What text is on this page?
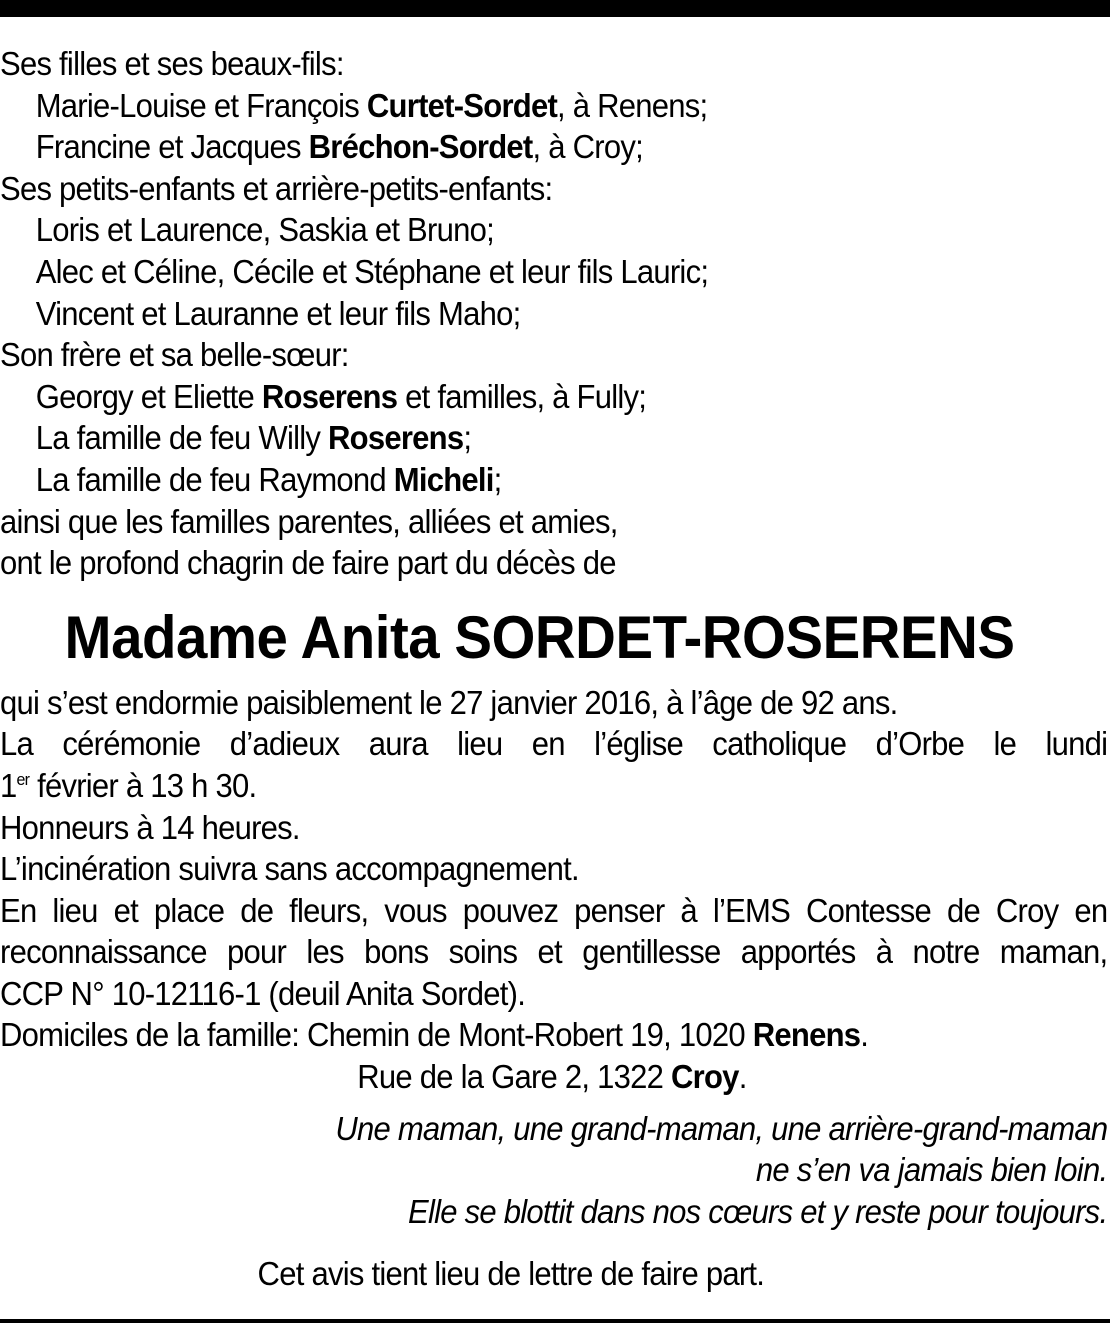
Ses filles et ses beaux-fils:
Marie-Louise et François Curtet-Sordet, à Renens;
Francine et Jacques Bréchon-Sordet, à Croy;
Ses petits-enfants et arrière-petits-enfants:
Loris et Laurence, Saskia et Bruno;
Alec et Céline, Cécile et Stéphane et leur fils Lauric;
Vincent et Lauranne et leur fils Maho;
Son frère et sa belle-sœur:
Georgy et Eliette Roserens et familles, à Fully;
La famille de feu Willy Roserens;
La famille de feu Raymond Micheli;
ainsi que les familles parentes, alliées et amies,
ont le profond chagrin de faire part du décès de
Madame Anita SORDET-ROSERENS
qui s’est endormie paisiblement le 27 janvier 2016, à l’âge de 92 ans.
La cérémonie d’adieux aura lieu en l’église catholique d’Orbe le lundi
1er février à 13 h 30.
Honneurs à 14 heures.
L’incinération suivra sans accompagnement.
En lieu et place de fleurs, vous pouvez penser à l’EMS Contesse de Croy en
reconnaissance pour les bons soins et gentillesse apportés à notre maman,
CCP N° 10-12116-1 (deuil Anita Sordet).
Domiciles de la famille: Chemin de Mont-Robert 19, 1020 Renens.
Rue de la Gare 2, 1322 Croy.
Une maman, une grand-maman, une arrière-grand-maman
ne s’en va jamais bien loin.
Elle se blottit dans nos cœurs et y reste pour toujours.
Cet avis tient lieu de lettre de faire part.
